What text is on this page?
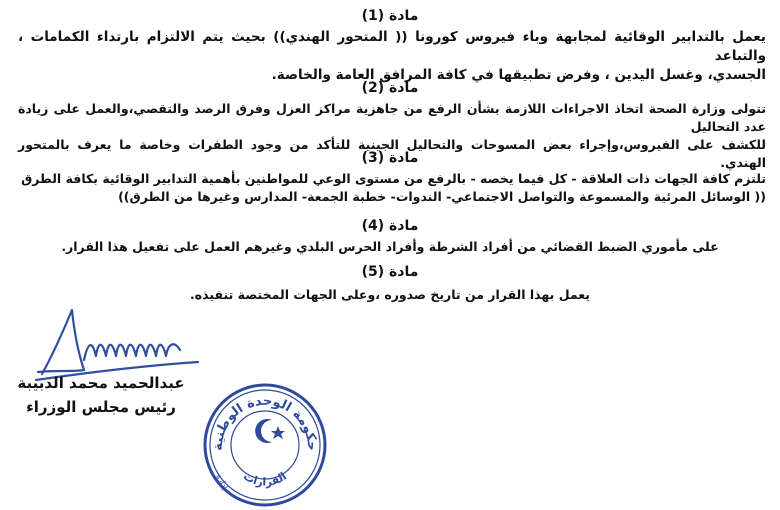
مادة (1)
يعمل بالتدابير الوقائية لمجابهة وباء فيروس كورونا (( المتحور الهندي)) بحيث يتم الالتزام بارتداء الكمامات ، والتباعد
الجسدي، وغسل اليدين ، وفرض تطبيقها في كافة المرافق العامة والخاصة.
مادة (2)
تتولى وزارة الصحة اتخاذ الاجراءات اللازمة بشأن الرفع من جاهزية مراكز العزل وفرق الرصد والتقصي،والعمل على زيادة عدد التحاليل
للكشف على الفيروس،وإجراء بعض المسوحات والتحاليل الجينية للتأكد من وجود الطفرات وخاصة ما يعرف بالمتحور الهندي.
مادة (3)
تلتزم كافة الجهات ذات العلاقة - كل فيما يخصه - بالرفع من مستوى الوعي للمواطنين بأهمية التدابير الوقائية بكافة الطرق
(( الوسائل المرئية والمسموعة والتواصل الاجتماعي- الندوات- خطبة الجمعة- المدارس وغيرها من الطرق))
مادة (4)
على مأموري الضبط القضائي من أفراد الشرطة وأفراد الحرس البلدي وغيرهم العمل على تفعيل هذا القرار.
مادة (5)
يعمل بهذا القرار من تاريخ صدوره ،وعلى الجهات المختصة تنفيذه.
عبدالحميد محمد الدبيبة
رئيس مجلس الوزراء
حكومة الوحدة الوطنية
القرارات
إدارة
